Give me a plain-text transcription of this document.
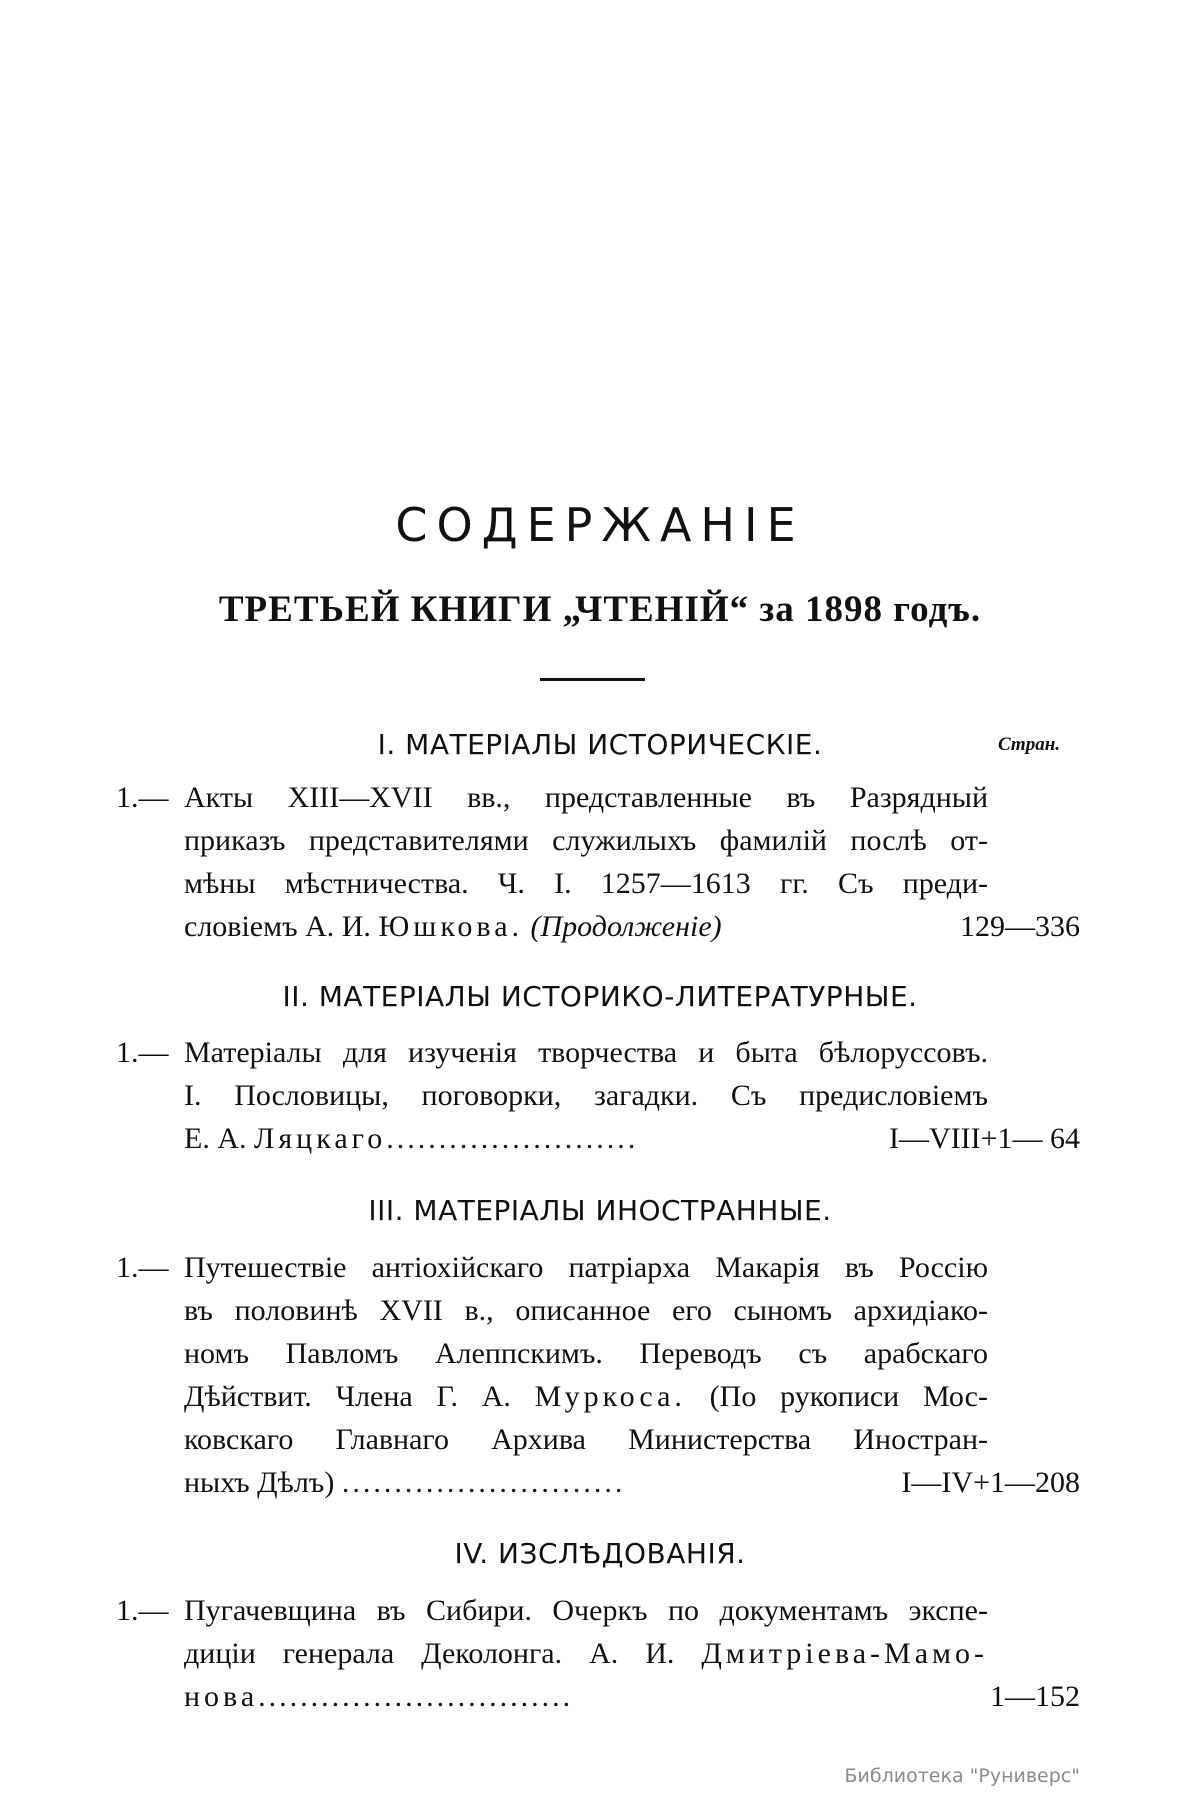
СОДЕРЖАНІЕ
ТРЕТЬЕЙ КНИГИ „ЧТЕНІЙ“ за 1898 годъ.
I. МАТЕРІАЛЫ ИСТОРИЧЕСКІЕ.	Стран.
1.— Акты XIII—XVII вв., представленные въ Разрядный
приказъ представителями служилыхъ фамилій послѣ от-
мѣны мѣстничества. Ч. I. 1257—1613 гг. Съ преди-
словіемъ А. И. Юшкова. (Продолженіе)	129—336
II. МАТЕРІАЛЫ ИСТОРИКО-ЛИТЕРАТУРНЫЕ.
1.— Матеріалы для изученія творчества и быта бѣлоруссовъ.
I. Пословицы, поговорки, загадки. Съ предисловіемъ
Е. А. Ляцкаго........................	I—VIII+1— 64
III. МАТЕРІАЛЫ ИНОСТРАННЫЕ.
1.— Путешествіе антіохійскаго патріарха Макарія въ Россію
въ половинѣ XVII в., описанное его сыномъ архидіако-
номъ Павломъ Алеппскимъ. Переводъ съ арабскаго
Дѣйствит. Члена Г. А. Муркоса. (По рукописи Мос-
ковскаго Главнаго Архива Министерства Иностран-
ныхъ Дѣлъ) ...........................	I—IV+1—208
IV. ИЗСЛѢДОВАНІЯ.
1.— Пугачевщина въ Сибири. Очеркъ по документамъ экспе-
диціи генерала Деколонга. А. И. Дмитріева-Мамо-
нова..............................	1—152
Библиотека "Руниверс"
